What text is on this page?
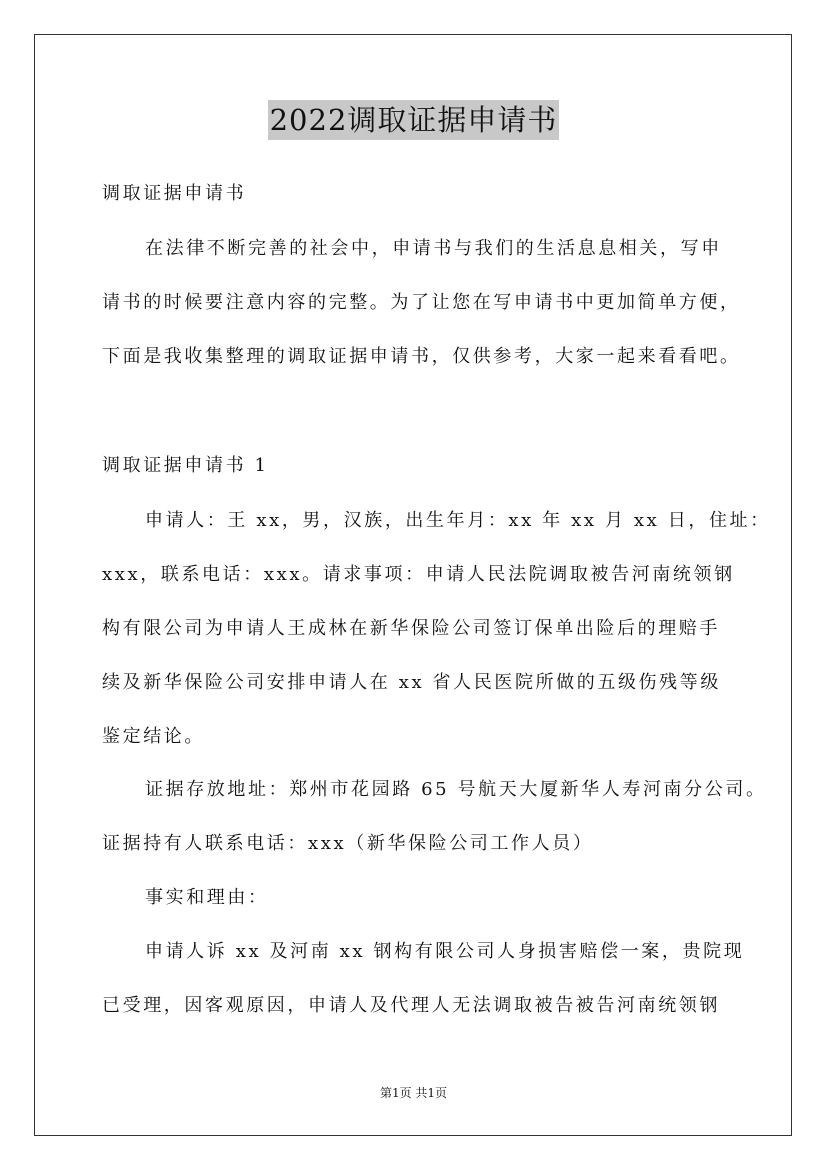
2022调取证据申请书
调取证据申请书
在法律不断完善的社会中，申请书与我们的生活息息相关，写申
请书的时候要注意内容的完整。为了让您在写申请书中更加简单方便，
下面是我收集整理的调取证据申请书，仅供参考，大家一起来看看吧。
调取证据申请书 1
申请人：王 xx，男，汉族，出生年月：xx 年 xx 月 xx 日，住址：
xxx，联系电话：xxx。请求事项：申请人民法院调取被告河南统领钢
构有限公司为申请人王成林在新华保险公司签订保单出险后的理赔手
续及新华保险公司安排申请人在 xx 省人民医院所做的五级伤残等级
鉴定结论。
证据存放地址：郑州市花园路 65 号航天大厦新华人寿河南分公司。
证据持有人联系电话：xxx（新华保险公司工作人员）
事实和理由：
申请人诉 xx 及河南 xx 钢构有限公司人身损害赔偿一案，贵院现
已受理，因客观原因，申请人及代理人无法调取被告被告河南统领钢
第1页 共1页
